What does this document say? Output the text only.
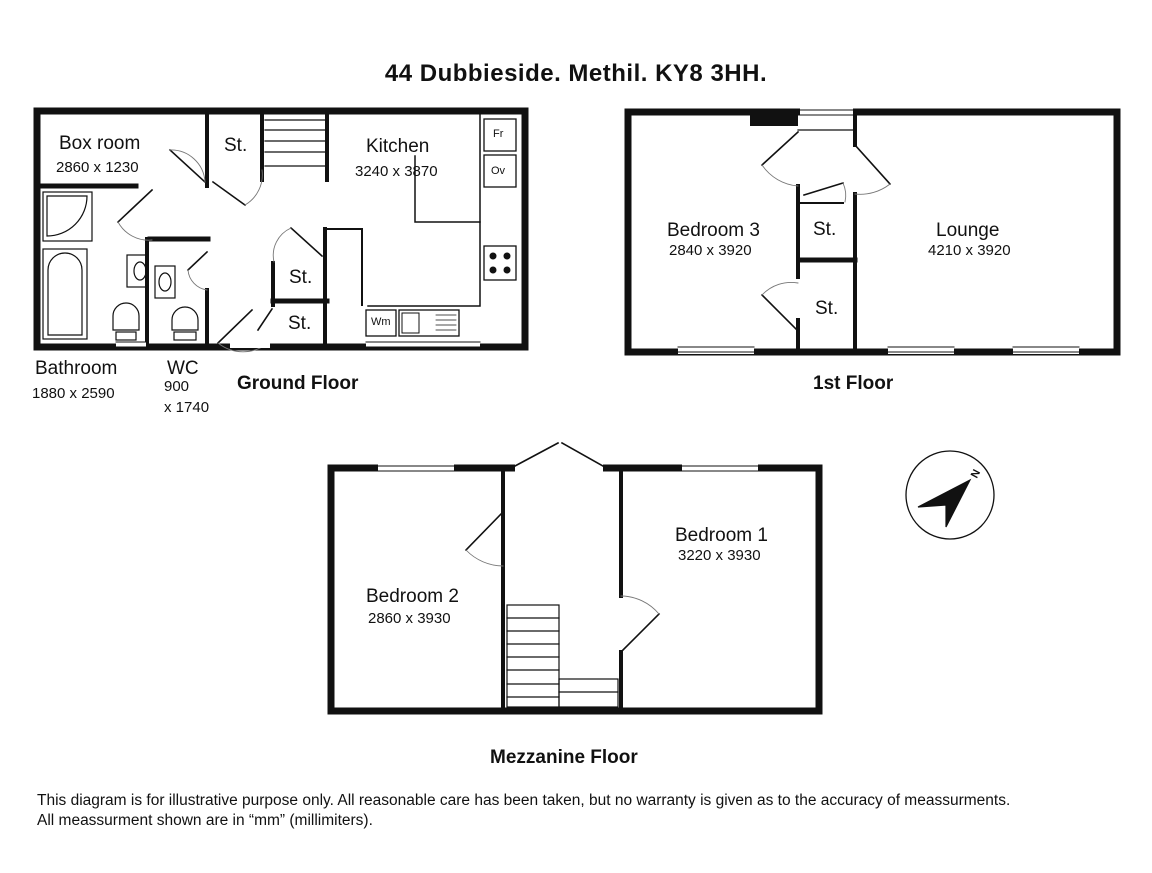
44 Dubbieside. Methil. KY8 3HH.
Box room
2860 x 1230
St.	Kitchen
3240 x 3870
Fr
Ov
St.
St.	Wm
Bathroom
1880 x 2590
WC
900
x 1740
Ground Floor
Bedroom 3
2840 x 3920
St.	Lounge
4210 x 3920
St.
1st Floor
Bedroom 1
3220 x 3930
Bedroom 2
2860 x 3930
Mezzanine Floor
N
This diagram is for illustrative purpose only. All reasonable care has been taken, but no warranty is given as to the accuracy of meassurments.
All meassurment shown are in “mm” (millimiters).
